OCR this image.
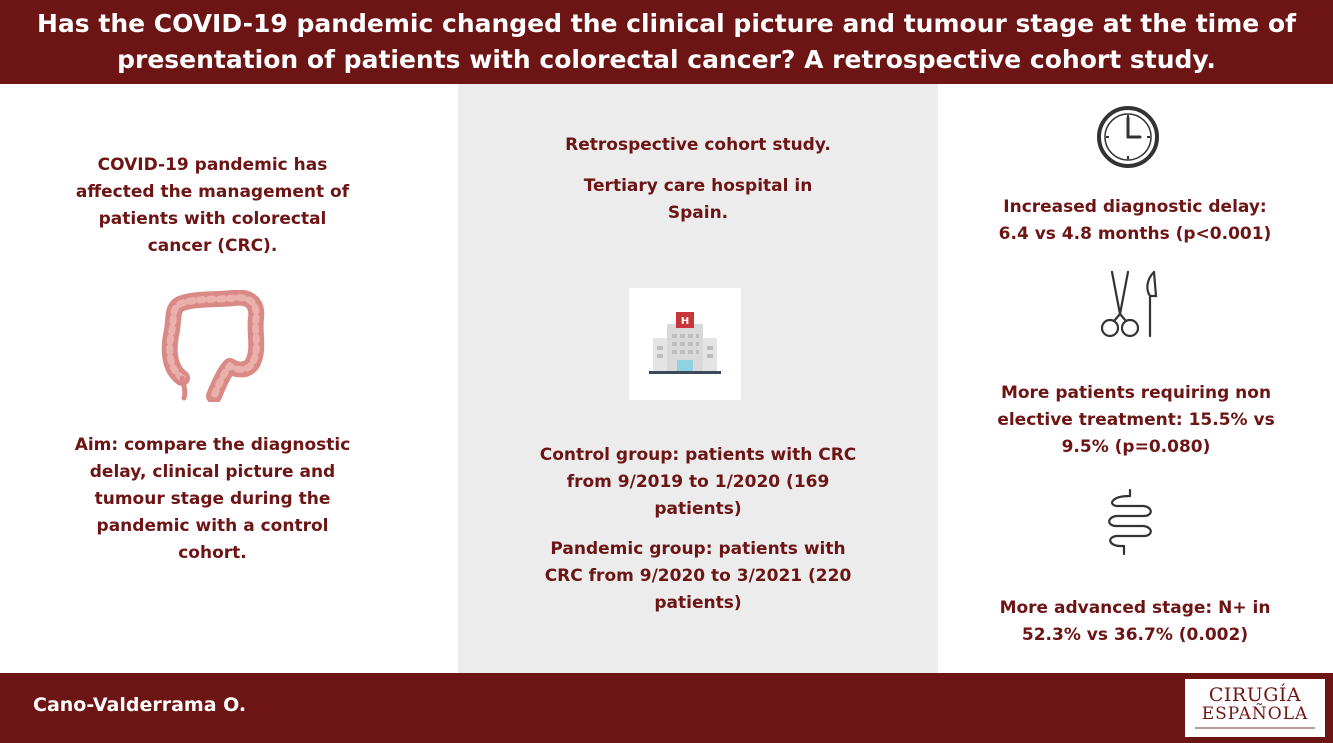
Has the COVID-19 pandemic changed the clinical picture and tumour stage at the time of presentation of patients with colorectal cancer? A retrospective cohort study.

COVID-19 pandemic has affected the management of patients with colorectal cancer (CRC).

Aim: compare the diagnostic delay, clinical picture and tumour stage during the pandemic with a control cohort.

Retrospective cohort study.

Tertiary care hospital in Spain.

H

Control group: patients with CRC from 9/2019 to 1/2020 (169 patients)

Pandemic group: patients with CRC from 9/2020 to 3/2021 (220 patients)

Increased diagnostic delay: 6.4 vs 4.8 months (p<0.001)

More patients requiring non elective treatment: 15.5% vs 9.5% (p=0.080)

More advanced stage: N+ in 52.3% vs 36.7% (0.002)

Cano-Valderrama O.	CIRUGÍA
ESPAÑOLA
